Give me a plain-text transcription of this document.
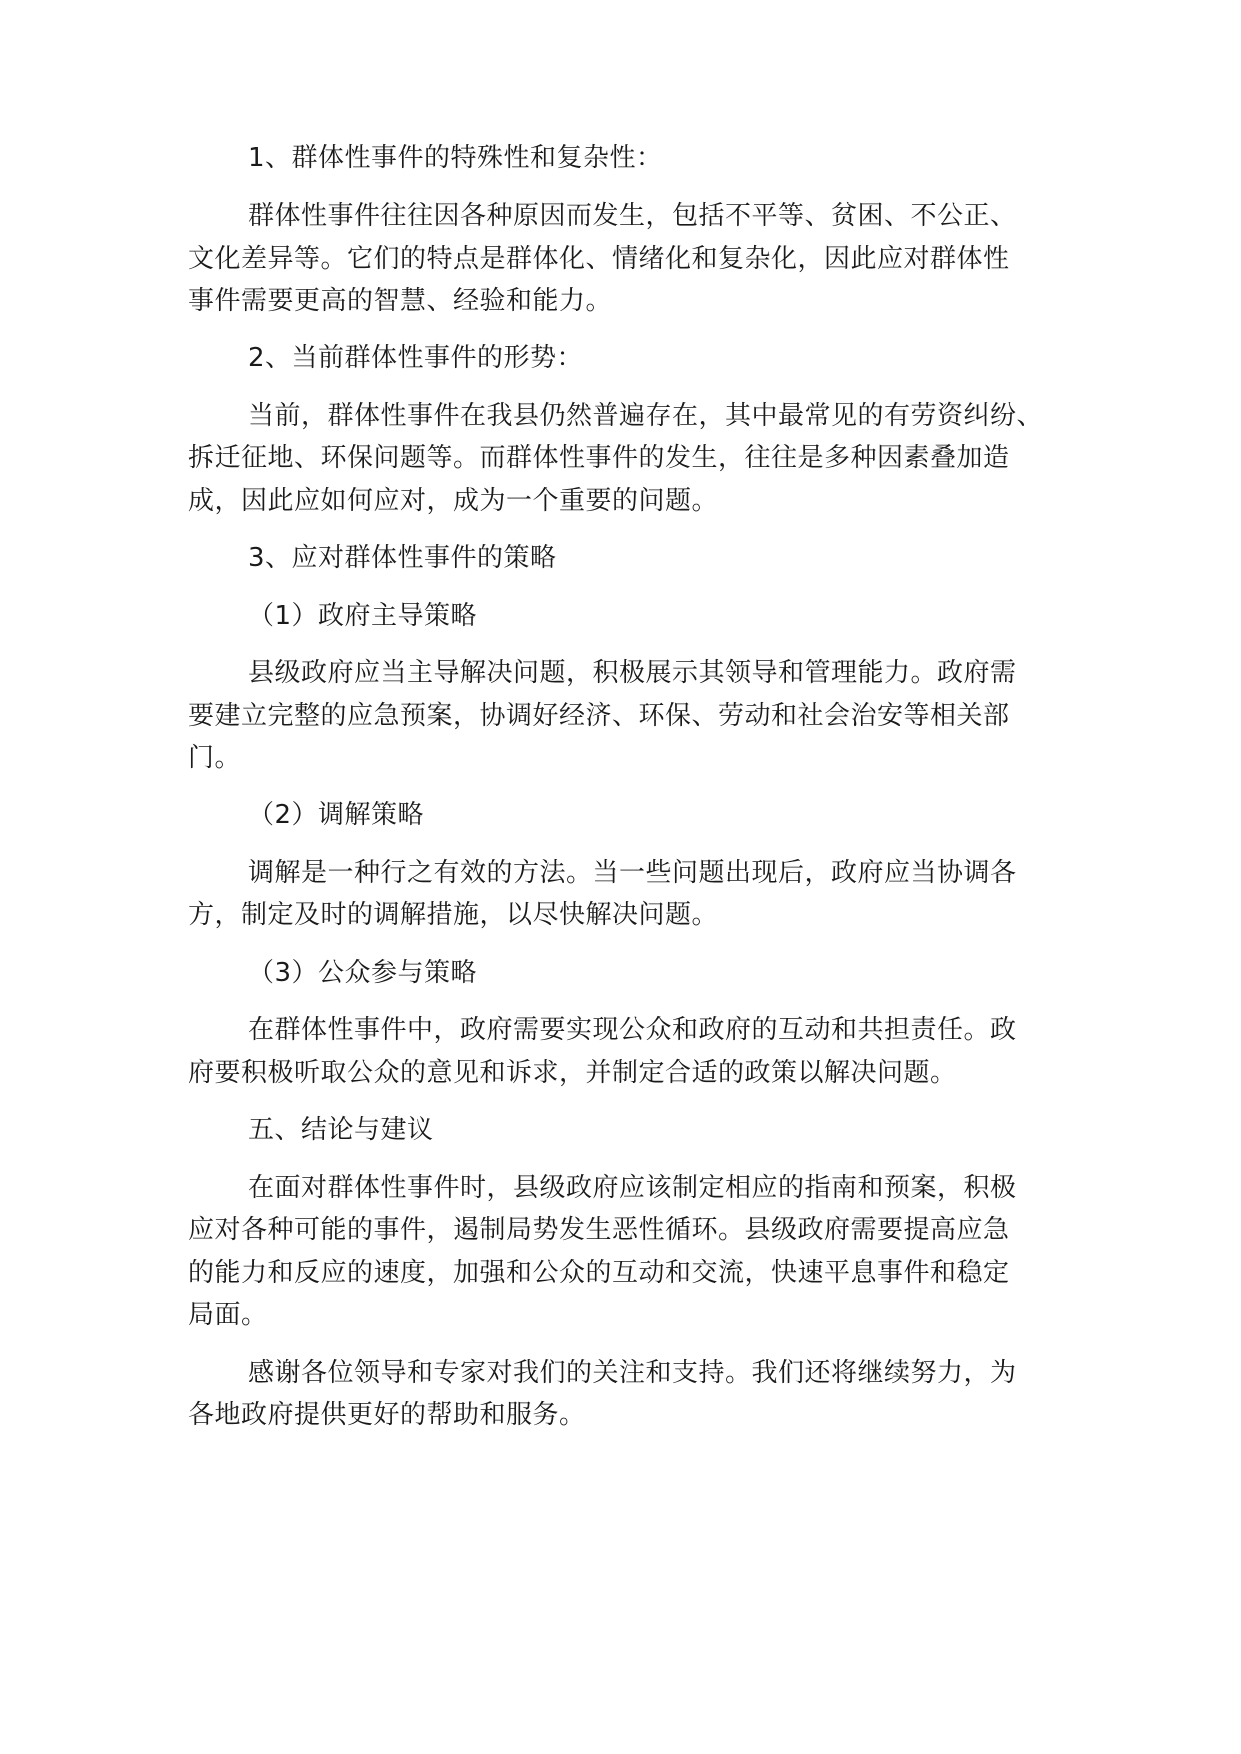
1、群体性事件的特殊性和复杂性：
群体性事件往往因各种原因而发生，包括不平等、贫困、不公正、
文化差异等。它们的特点是群体化、情绪化和复杂化，因此应对群体性
事件需要更高的智慧、经验和能力。
2、当前群体性事件的形势：
当前，群体性事件在我县仍然普遍存在，其中最常见的有劳资纠纷、
拆迁征地、环保问题等。而群体性事件的发生，往往是多种因素叠加造
成，因此应如何应对，成为一个重要的问题。
3、应对群体性事件的策略
（1）政府主导策略
县级政府应当主导解决问题，积极展示其领导和管理能力。政府需
要建立完整的应急预案，协调好经济、环保、劳动和社会治安等相关部
门。
（2）调解策略
调解是一种行之有效的方法。当一些问题出现后，政府应当协调各
方，制定及时的调解措施，以尽快解决问题。
（3）公众参与策略
在群体性事件中，政府需要实现公众和政府的互动和共担责任。政
府要积极听取公众的意见和诉求，并制定合适的政策以解决问题。
五、结论与建议
在面对群体性事件时，县级政府应该制定相应的指南和预案，积极
应对各种可能的事件，遏制局势发生恶性循环。县级政府需要提高应急
的能力和反应的速度，加强和公众的互动和交流，快速平息事件和稳定
局面。
感谢各位领导和专家对我们的关注和支持。我们还将继续努力，为
各地政府提供更好的帮助和服务。
